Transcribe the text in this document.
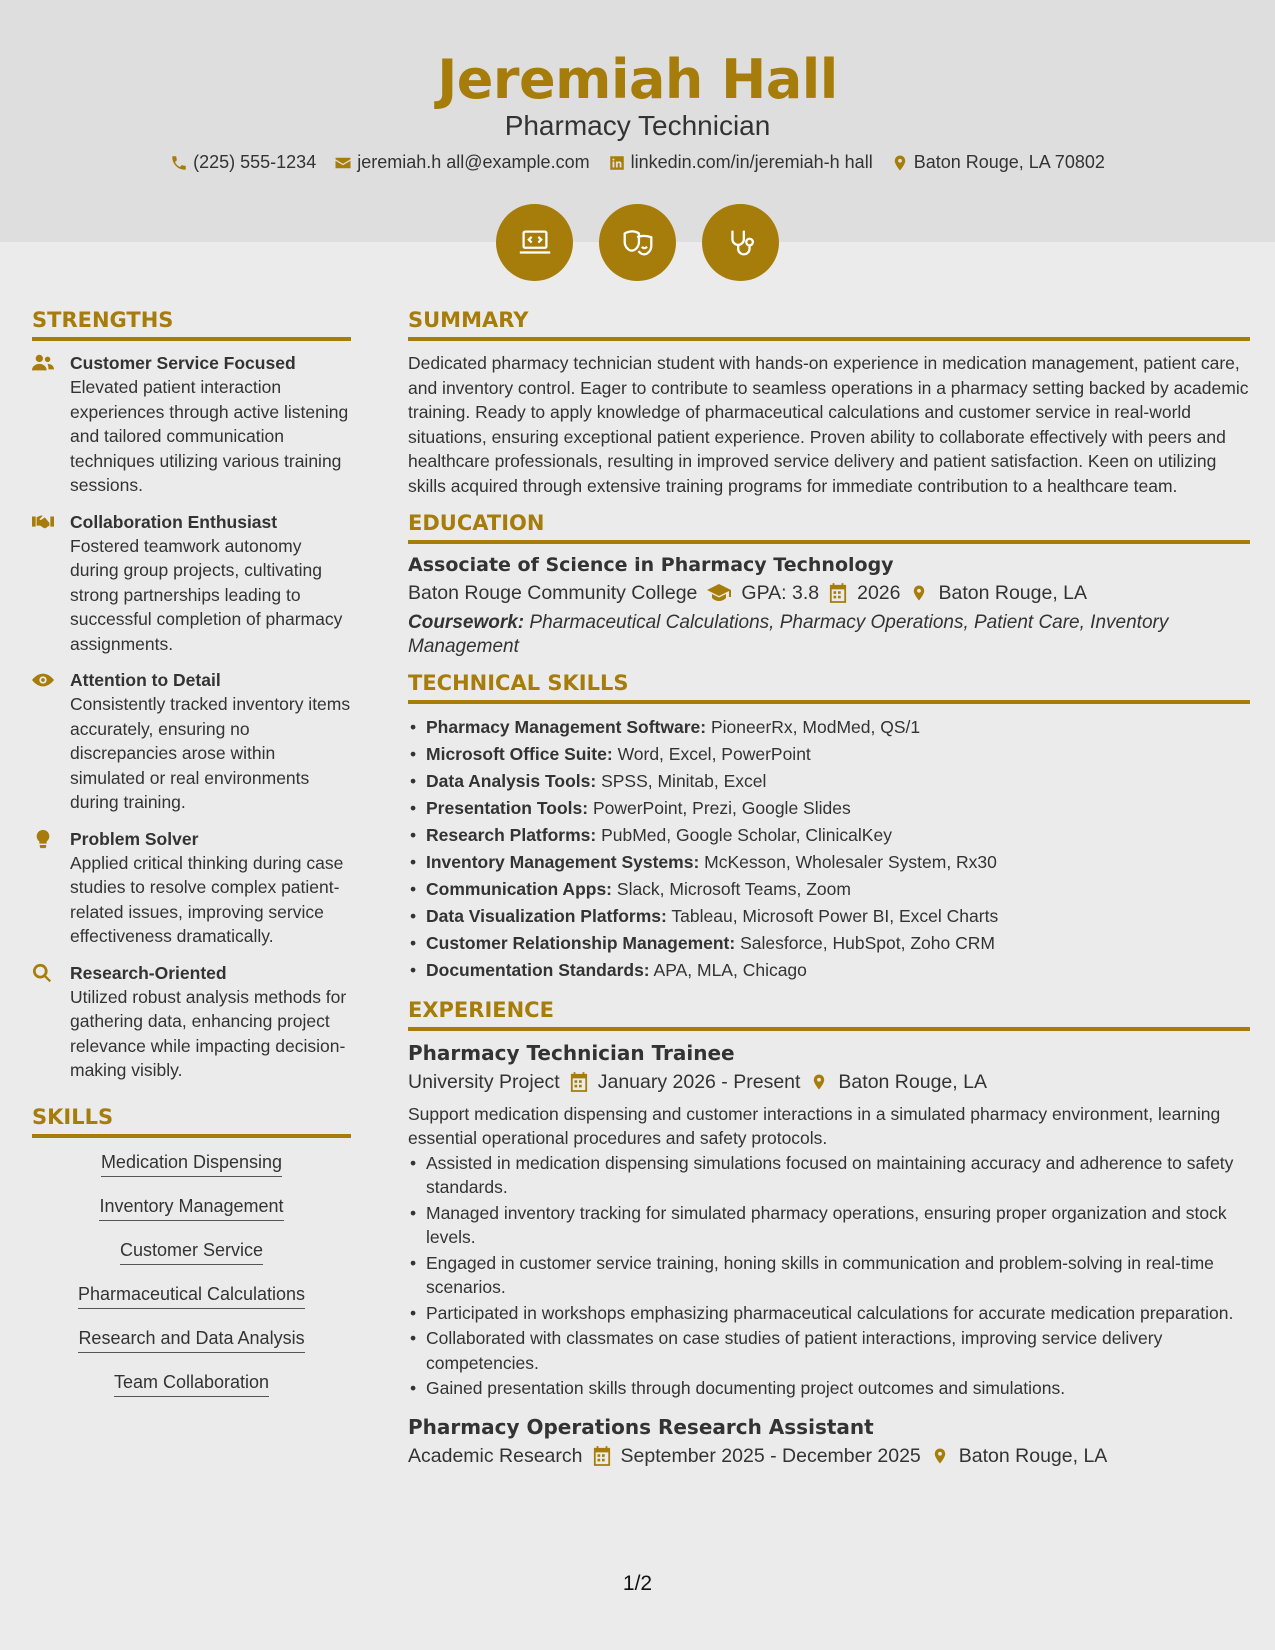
Jeremiah Hall
Pharmacy Technician
(225) 555-1234 jeremiah.h all@example.com linkedin.com/in/jeremiah-h hall Baton Rouge, LA 70802
STRENGTHS
Customer Service Focused
Elevated patient interaction experiences through active listening and tailored communication techniques utilizing various training sessions.
Collaboration Enthusiast
Fostered teamwork autonomy during group projects, cultivating strong partnerships leading to successful completion of pharmacy assignments.
Attention to Detail
Consistently tracked inventory items accurately, ensuring no discrepancies arose within simulated or real environments during training.
Problem Solver
Applied critical thinking during case studies to resolve complex patient-related issues, improving service effectiveness dramatically.
Research-Oriented
Utilized robust analysis methods for gathering data, enhancing project relevance while impacting decision-making visibly.
SKILLS
Medication Dispensing
Inventory Management
Customer Service
Pharmaceutical Calculations
Research and Data Analysis
Team Collaboration
SUMMARY

Dedicated pharmacy technician student with hands-on experience in medication management, patient care, and inventory control. Eager to contribute to seamless operations in a pharmacy setting backed by academic training. Ready to apply knowledge of pharmaceutical calculations and customer service in real-world situations, ensuring exceptional patient experience. Proven ability to collaborate effectively with peers and healthcare professionals, resulting in improved service delivery and patient satisfaction. Keen on utilizing skills acquired through extensive training programs for immediate contribution to a healthcare team.

EDUCATION
Associate of Science in Pharmacy Technology
Baton Rouge Community College GPA: 3.8 2026 Baton Rouge, LA
Coursework: Pharmaceutical Calculations, Pharmacy Operations, Patient Care, Inventory Management
TECHNICAL SKILLS
• Pharmacy Management Software: PioneerRx, ModMed, QS/1
• Microsoft Office Suite: Word, Excel, PowerPoint
• Data Analysis Tools: SPSS, Minitab, Excel
• Presentation Tools: PowerPoint, Prezi, Google Slides
• Research Platforms: PubMed, Google Scholar, ClinicalKey
• Inventory Management Systems: McKesson, Wholesaler System, Rx30
• Communication Apps: Slack, Microsoft Teams, Zoom
• Data Visualization Platforms: Tableau, Microsoft Power BI, Excel Charts
• Customer Relationship Management: Salesforce, HubSpot, Zoho CRM
• Documentation Standards: APA, MLA, Chicago
EXPERIENCE
Pharmacy Technician Trainee
University Project January 2026 - Present Baton Rouge, LA

Support medication dispensing and customer interactions in a simulated pharmacy environment, learning essential operational procedures and safety protocols.

• Assisted in medication dispensing simulations focused on maintaining accuracy and adherence to safety standards.
• Managed inventory tracking for simulated pharmacy operations, ensuring proper organization and stock levels.
• Engaged in customer service training, honing skills in communication and problem-solving in real-time scenarios.
• Participated in workshops emphasizing pharmaceutical calculations for accurate medication preparation.
• Collaborated with classmates on case studies of patient interactions, improving service delivery competencies.
• Gained presentation skills through documenting project outcomes and simulations.
Pharmacy Operations Research Assistant
Academic Research September 2025 - December 2025 Baton Rouge, LA
1/2
